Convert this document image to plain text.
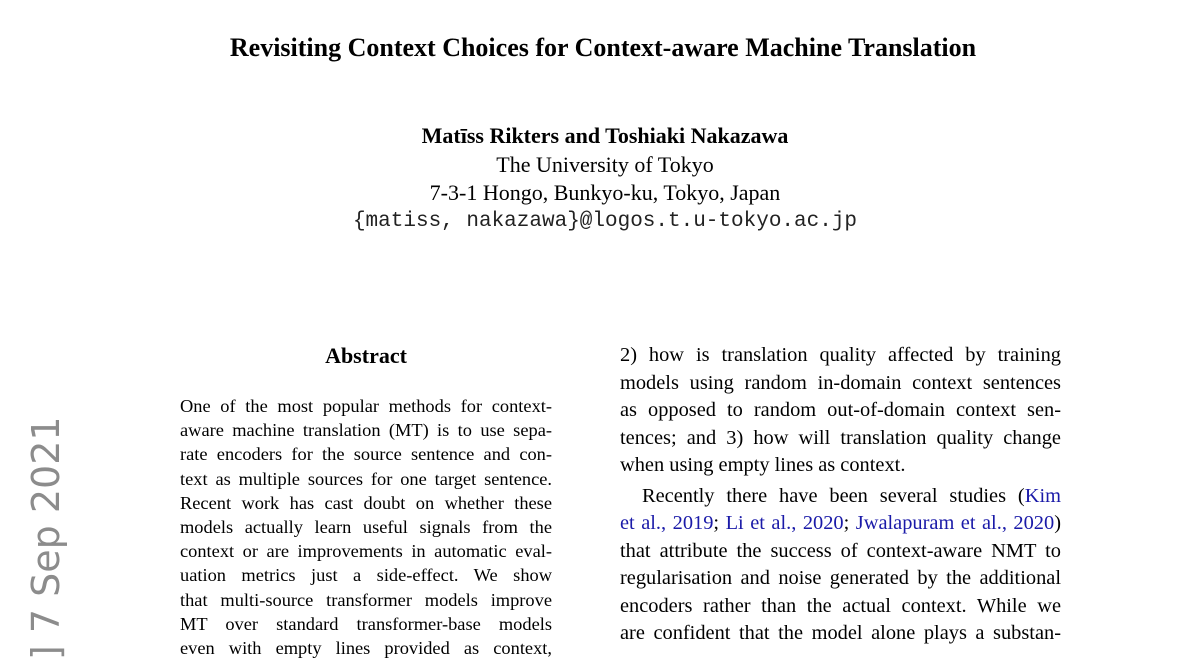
Revisiting Context Choices for Context-aware Machine Translation
Matīss Rikters and Toshiaki Nakazawa
The University of Tokyo
7-3-1 Hongo, Bunkyo-ku, Tokyo, Japan
{matiss, nakazawa}@logos.t.u-tokyo.ac.jp
] 7 Sep 2021
Abstract
One of the most popular methods for context-
aware machine translation (MT) is to use sepa-
rate encoders for the source sentence and con-
text as multiple sources for one target sentence.
Recent work has cast doubt on whether these
models actually learn useful signals from the
context or are improvements in automatic eval-
uation metrics just a side-effect. We show
that multi-source transformer models improve
MT over standard transformer-base models
even with empty lines provided as context,
2) how is translation quality affected by training
models using random in-domain context sentences
as opposed to random out-of-domain context sen-
tences; and 3) how will translation quality change
when using empty lines as context.
Recently there have been several studies (Kim
et al., 2019; Li et al., 2020; Jwalapuram et al., 2020)
that attribute the success of context-aware NMT to
regularisation and noise generated by the additional
encoders rather than the actual context. While we
are confident that the model alone plays a substan-
